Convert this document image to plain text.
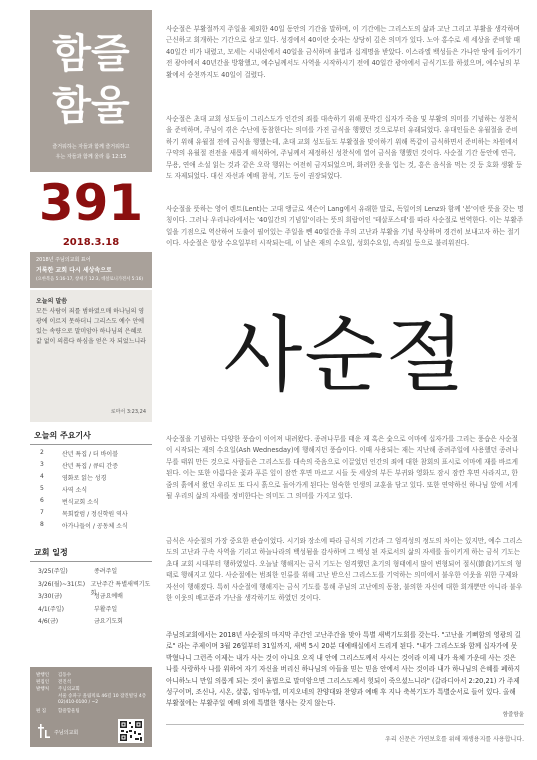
함즐
함울
즐거워하는 자들과 함께 즐거워하고
우는 자들과 함께 울라 롬 12:15
391
2018.3.18
2018년 주님의교회 표어
거룩한 교회 다시 세상속으로
(요한복음 5:16-17, 창세기 12:3, 데살로니가전서 5:16)
오늘의 말씀
모든 사람이 죄를 범하였으매 하나님의 영광에 이르지 못하더니 그리스도 예수 안에 있는 속량으로 말미암아 하나님의 은혜로 값 없이 의롭다 하심을 얻은 자 되었느니라
로마서 3:23,24
오늘의 주요기사
2	산년 특집 / 더 바이블
3	산년 특집 / 큐티 간증
4	영화로 읽는 성경
5	사역 소식
6	번식교회 소식
7	목회칼럼 / 정신학원 역사
8	아가나들이 / 공동체 소식
교회 일정
3/25(주일)	종려주일
3/26(월)~31(토) 고난주간 특별새벽기도회
3/30(금)	성금요예배
4/1(주일)	부활주일
4/6(금)	금요기도회
발행인	김동수
편집인	전진석
발행처	주님의교회
서울 송파구 올림픽로 46길 10 잠진빌딩 4층
02)410-0100 / ~2
편 집	함즐함울팀
주님의교회

사순절은 부활절까지 주일을 제외한 40일 동안의 기간을 말하며, 이 기간에는 그리스도의 삶과 고난 그리고 부활을 생각하며 근신하고 회개하는 기간으로 삼고 있다. 성경에서 40이란 숫자는 상당히 깊은 의미가 있다. 노아 홍수로 세 세상을 준비할 때 40일간 비가 내렸고, 모세는 시내산에서 40일을 금식하며 율법과 십계명을 받았다. 이스라엘 백성들은 가나안 땅에 들어가기 전 광야에서 40년간을 방황했고, 예수님께서도 사역을 시작하시기 전에 40일간 광야에서 금식기도를 하셨으며, 예수님의 부활에서 승천까지도 40일이 걸렸다.

사순절은 초대 교회 성도들이 그리스도가 인간의 죄를 대속하기 위해 못박긴 십자가 죽음 및 부활의 의미를 기념하는 성찬식을 준비하며, 주님이 겪은 수난에 동참한다는 의미를 가진 금식을 행했던 것으로부터 유래되었다. 유대인들은 유월절을 준비하기 위해 유월절 전에 금식을 행했는데, 초대 교회 성도들도 부활절을 맞이하기 위해 똑같이 금식하면서 준비하는 차원에서 구약의 유월절 전전을 새롭게 해석하여, 주님께서 제정하신 성찬식에 열어 금식을 행했던 것이다. 사순절 기간 동안에 연극, 무용, 연애 소설 읽는 것과 같은 오락 행위는 여전히 금지되었으며, 화려한 옷을 입는 것, 흥은 음식을 먹는 것 등 호화 생활 등도 자제되었다. 대신 자선과 예배 참석, 기도 등이 권장되었다.

사순절을 뜻하는 영어 렌트(Lent)는 고대 앵글로 색슨어 Lang에서 유래한 말로, 독일어의 Lenz와 함께 '봄'이란 뜻을 갖는 명칭이다. 그러나 우리나라에서는 '40일간의 기념일'이라는 뜻의 희랍어인 '테살포스테'를 따라 사순절로 번역한다. 이는 부활주일을 기점으로 역산하여 도출이 필어있는 주일을 뺀 40일간을 주의 고난과 부활을 기념 묵상하며 경건히 보내고자 하는 절기이다. 사순절은 항상 수요일부터 시작되는데, 이 날은 재의 수요일, 성회수요일, 속죄일 등으로 불리워진다.

사순절

사순절을 기념하는 다양한 풍습이 이어져 내려왔다. 종려나무를 태운 재 혹은 숯으로 이마에 십자가를 그리는 풍습은 사순절이 시작되는 재의 수요일(Ash Wednesday)에 행해지던 풍습이다. 이때 사용되는 재는 지난해 종려주일에 사용했던 종려나무를 태워 만든 것으로 사람들은 그리스도를 대속의 죽음으로 이끌었던 인간의 죄에 대한 참회의 표시로 이마에 재를 바르게 된다. 이는 또한 아름다운 꽃과 푸른 잎이 잠깐 후면 마르고 시들 듯 세상의 부든 부귀와 영화도 잠시 잠깐 후면 사라지고, 한 줌의 흙에서 왔던 우리도 또 다시 흙으로 돌아가게 된다는 엄숙한 인생의 교훈을 담고 있다. 또한 연약하신 하나님 앞에 서게 될 우리의 삶의 자세를 정비한다는 의미도 그 의미를 가지고 있다.

금식은 사순절의 가장 중요한 관습이었다. 시기와 장소에 따라 금식의 기간과 그 엄격성의 정도의 차이는 있지만, 예수 그리스도의 고난과 구속 사역을 기리고 하늘나라의 백성됨을 감사하며 그 백성 된 자로서의 삶의 자세를 돌이키게 하는 금식 기도는 초대 교회 시대부터 행하였었다. 오늘날 행해지는 금식 기도는 엄격했던 초기의 형태에서 많이 변형되어 절식(節食)기도의 형태로 행해지고 있다. 사순절에는 범죄한 인류를 위해 고난 받으신 그리스도를 기억하는 의미에서 불우한 이웃을 위한 구제와 자선이 행해졌다. 특히 사순절에 행해지는 금식 기도를 통해 주님의 고난에의 동참, 불의한 자신에 대한 회개뿐만 아니라 불우한 이웃의 배고픔과 가난을 생각하기도 하였던 것이다.

주님의교회에서는 2018년 사순절의 마지막 주간인 고난주간을 맞아 특별 새벽기도회를 갖는다. "고난을 기뻐함의 영광의 길로" 라는 주제이며 3월 26일부터 31일까지, 새벽 5시 20분 대예배실에서 드리게 된다. "내가 그리스도와 함께 십자가에 못 박혔나니 그런즉 이제는 내가 사는 것이 아니요 오직 내 안에 그리스도께서 사시는 것이라 이제 내가 육체 가운데 사는 것은 나를 사랑하사 나를 위하여 자기 자신을 버리신 하나님의 아들을 믿는 믿음 안에서 사는 것이라 내가 하나님의 은혜를 폐하지 아니하노니 만일 의롭게 되는 것이 율법으로 말미암으면 그리스도께서 헛되이 죽으셨느니라" (갈라디아서 2:20,21) 가 주제 성구이며, 조신나, 시온, 샬롬, 임마누엘, 미지오네의 찬양대와 찬양과 예배 후 지나 축복기도가 특별순서로 들어 있다. 올해 부활절에는 부활주일 예배 외에 특별한 행사는 갖지 않는다.

함즐함울
우리 신문은 가연보호를 위해 재생용지를 사용합니다.
